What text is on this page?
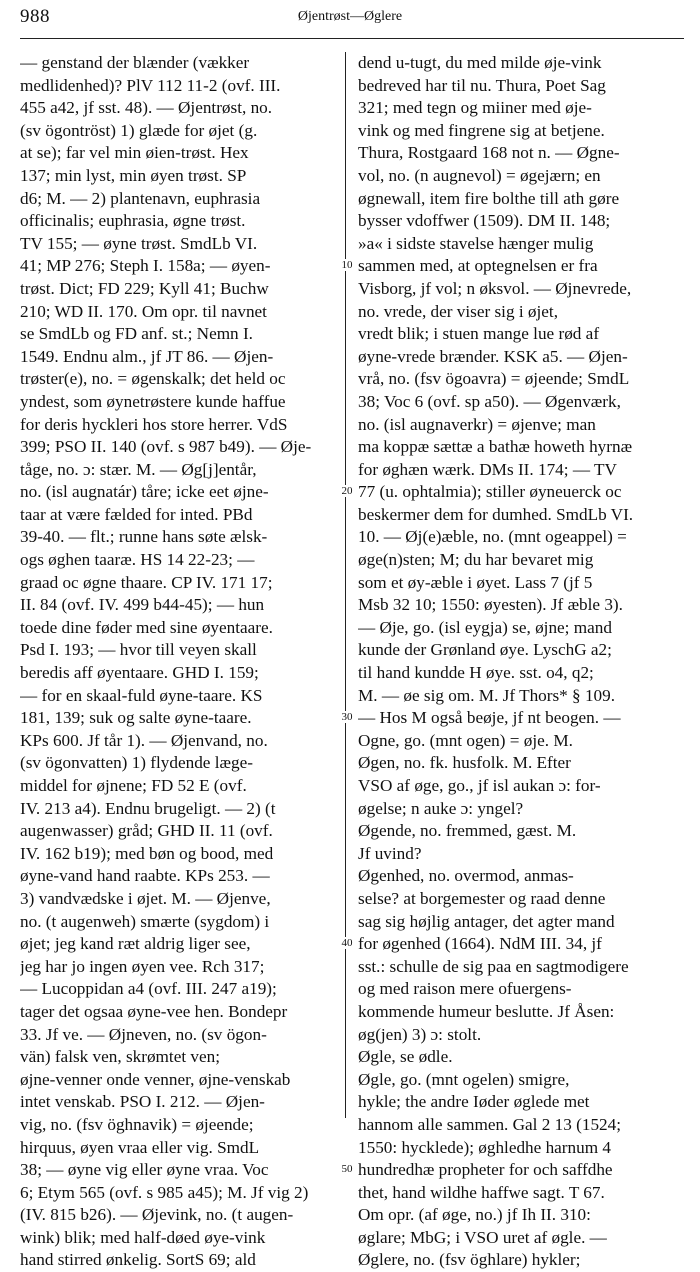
988	Øjentrøst—Øglere
— genstand der blænder (vækker
medlidenhed)? PlV 112 11-2 (ovf. III.
455 a42, jf sst. 48). — Øjentrøst, no.
(sv ögontröst) 1) glæde for øjet (g.
at se); far vel min øien-trøst. Hex
137; min lyst, min øyen trøst. SP
d6; M. — 2) plantenavn, euphrasia
officinalis; euphrasia, øgne trøst.
TV 155; — øyne trøst. SmdLb VI.
41; MP 276; Steph I. 158a; — øyen-
trøst. Dict; FD 229; Kyll 41; Buchw
210; WD II. 170. Om opr. til navnet
se SmdLb og FD anf. st.; Nemn I.
1549. Endnu alm., jf JT 86. — Øjen-
trøster(e), no. = øgenskalk; det held oc
yndest, som øynetrøstere kunde haffue
for deris hyckleri hos store herrer. VdS
399; PSO II. 140 (ovf. s 987 b49). — Øje-
tåge, no. ɔ: stær. M. — Øg[j]entår,
no. (isl augnatár) tåre; icke eet øjne-
taar at være fælded for inted. PBd
39-40. — flt.; runne hans søte ælsk-
ogs øghen taaræ. HS 14 22-23; —
graad oc øgne thaare. CP IV. 171 17;
II. 84 (ovf. IV. 499 b44-45); — hun
toede dine føder med sine øyentaare.
Psd I. 193; — hvor till veyen skall
beredis aff øyentaare. GHD I. 159;
— for en skaal-fuld øyne-taare. KS
181, 139; suk og salte øyne-taare.
KPs 600. Jf tår 1). — Øjenvand, no.
(sv ögonvatten) 1) flydende læge-
middel for øjnene; FD 52 E (ovf.
IV. 213 a4). Endnu brugeligt. — 2) (t
augenwasser) gråd; GHD II. 11 (ovf.
IV. 162 b19); med bøn og bood, med
øyne-vand hand raabte. KPs 253. —
3) vandvædske i øjet. M. — Øjenve,
no. (t augenweh) smærte (sygdom) i
øjet; jeg kand ræt aldrig liger see,
jeg har jo ingen øyen vee. Rch 317;
— Lucoppidan a4 (ovf. III. 247 a19);
tager det ogsaa øyne-vee hen. Bondepr
33. Jf ve. — Øjneven, no. (sv ögon-
vän) falsk ven, skrømtet ven;
øjne-venner onde venner, øjne-venskab
intet venskab. PSO I. 212. — Øjen-
vig, no. (fsv öghnavik) = øjeende;
hirquus, øyen vraa eller vig. SmdL
38; — øyne vig eller øyne vraa. Voc
6; Etym 565 (ovf. s 985 a45); M. Jf vig 2)
(IV. 815 b26). — Øjevink, no. (t augen-
wink) blik; med half-døed øye-vink
hand stirred ønkelig. SortS 69; ald
dend u-tugt, du med milde øje-vink
bedreved har til nu. Thura, Poet Sag
321; med tegn og miiner med øje-
vink og med fingrene sig at betjene.
Thura, Rostgaard 168 not n. — Øgne-
vol, no. (n augnevol) = øgejærn; en
øgnewall, item fire bolthe till ath gøre
bysser vdoffwer (1509). DM II. 148;
»a« i sidste stavelse hænger mulig
sammen med, at optegnelsen er fra
Visborg, jf vol; n øksvol. — Øjnevrede,
no. vrede, der viser sig i øjet,
vredt blik; i stuen mange lue rød af
øyne-vrede brænder. KSK a5. — Øjen-
vrå, no. (fsv ögoavra) = øjeende; SmdL
38; Voc 6 (ovf. sp a50). — Øgenværk,
no. (isl augnaverkr) = øjenve; man
ma koppæ sættæ a bathæ howeth hyrnæ
for øghæn wærk. DMs II. 174; — TV
77 (u. ophtalmia); stiller øyneuerck oc
beskermer dem for dumhed. SmdLb VI.
10. — Øj(e)æble, no. (mnt ogeappel) =
øge(n)sten; M; du har bevaret mig
som et øy-æble i øyet. Lass 7 (jf 5
Msb 32 10; 1550: øyesten). Jf æble 3).
— Øje, go. (isl eygja) se, øjne; mand
kunde der Grønland øye. LyschG a2;
til hand kundde H øye. sst. o4, q2;
M. — øe sig om. M. Jf Thors* § 109.
— Hos M også beøje, jf nt beogen. —
Ogne, go. (mnt ogen) = øje. M.
Øgen, no. fk. husfolk. M. Efter
VSO af øge, go., jf isl aukan ɔ: for-
øgelse; n auke ɔ: yngel?
Øgende, no. fremmed, gæst. M.
Jf uvind?
Øgenhed, no. overmod, anmas-
selse? at borgemester og raad denne
sag sig højlig antager, det agter mand
for øgenhed (1664). NdM III. 34, jf
sst.: schulle de sig paa en sagtmodigere
og med raison mere ofuergens-
kommende humeur beslutte. Jf Åsen:
øg(jen) 3) ɔ: stolt.
Øgle, se ødle.
Øgle, go. (mnt ogelen) smigre,
hykle; the andre Iøder øglede met
hannom alle sammen. Gal 2 13 (1524;
1550: hycklede); øghledhe harnum 4
hundredhæ propheter for och saffdhe
thet, hand wildhe haffwe sagt. T 67.
Om opr. (af øge, no.) jf Ih II. 310:
øglare; MbG; i VSO uret af øgle. —
Øglere, no. (fsv öghlare) hykler;
10
20
30
40
50
